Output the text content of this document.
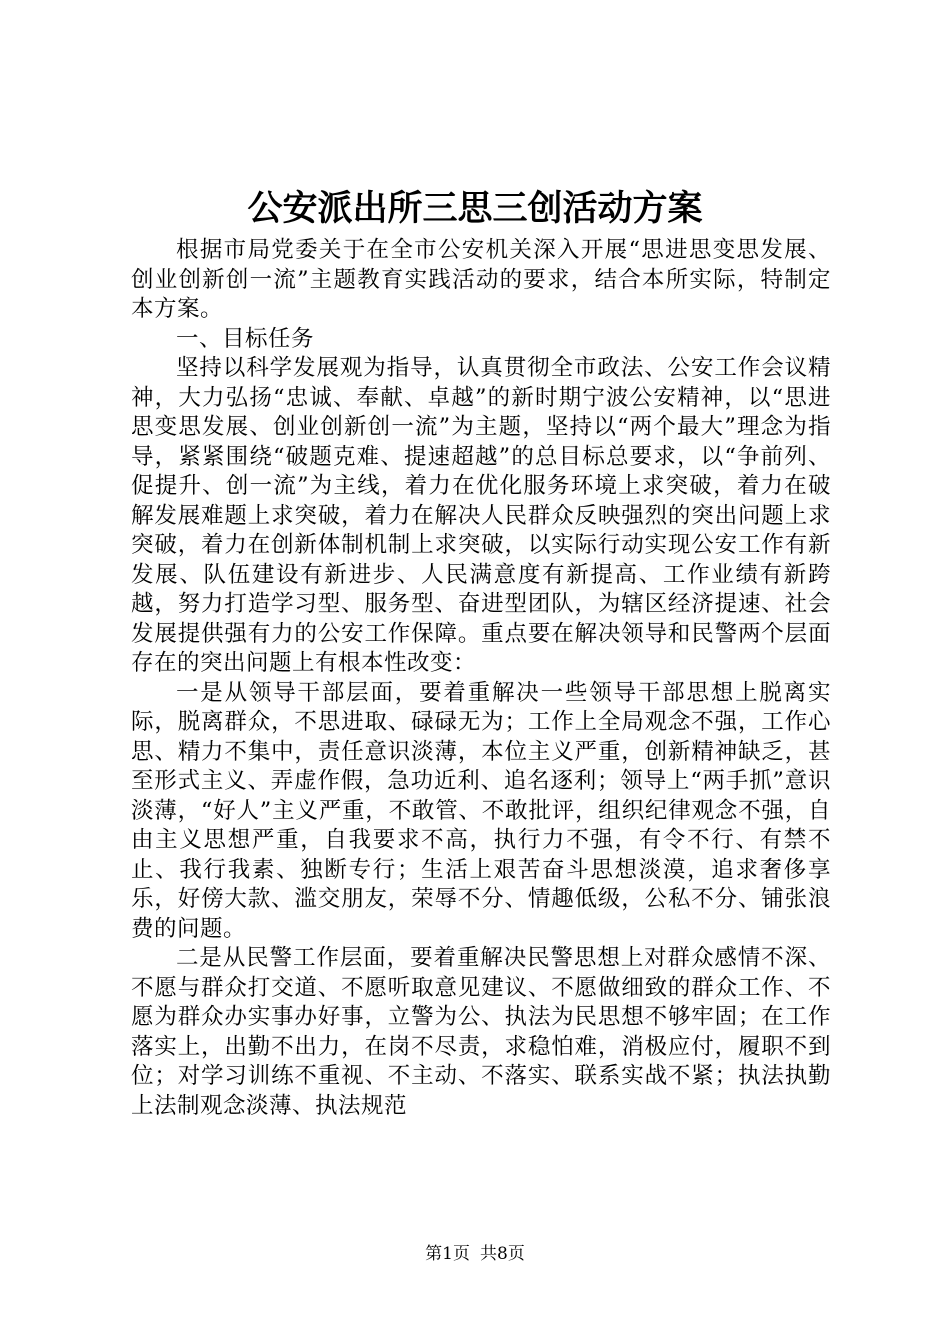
公安派出所三思三创活动方案

根据市局党委关于在全市公安机关深入开展“思进思变思发展、创业创新创一流”主题教育实践活动的要求，结合本所实际，特制定本方案。

一、目标任务

坚持以科学发展观为指导，认真贯彻全市政法、公安工作会议精神，大力弘扬“忠诚、奉献、卓越”的新时期宁波公安精神，以“思进思变思发展、创业创新创一流”为主题，坚持以“两个最大”理念为指导，紧紧围绕“破题克难、提速超越”的总目标总要求，以“争前列、促提升、创一流”为主线，着力在优化服务环境上求突破，着力在破解发展难题上求突破，着力在解决人民群众反映强烈的突出问题上求突破，着力在创新体制机制上求突破，以实际行动实现公安工作有新发展、队伍建设有新进步、人民满意度有新提高、工作业绩有新跨越，努力打造学习型、服务型、奋进型团队，为辖区经济提速、社会发展提供强有力的公安工作保障。重点要在解决领导和民警两个层面存在的突出问题上有根本性改变：

一是从领导干部层面，要着重解决一些领导干部思想上脱离实际，脱离群众，不思进取、碌碌无为；工作上全局观念不强，工作心思、精力不集中，责任意识淡薄，本位主义严重，创新精神缺乏，甚至形式主义、弄虚作假，急功近利、追名逐利；领导上“两手抓”意识淡薄，“好人”主义严重，不敢管、不敢批评，组织纪律观念不强，自由主义思想严重，自我要求不高，执行力不强，有令不行、有禁不止、我行我素、独断专行；生活上艰苦奋斗思想淡漠，追求奢侈享乐，好傍大款、滥交朋友，荣辱不分、情趣低级，公私不分、铺张浪费的问题。

二是从民警工作层面，要着重解决民警思想上对群众感情不深、不愿与群众打交道、不愿听取意见建议、不愿做细致的群众工作、不愿为群众办实事办好事，立警为公、执法为民思想不够牢固；在工作落实上，出勤不出力，在岗不尽责，求稳怕难，消极应付，履职不到位；对学习训练不重视、不主动、不落实、联系实战不紧；执法执勤上法制观念淡薄、执法规范

第1页 共8页
